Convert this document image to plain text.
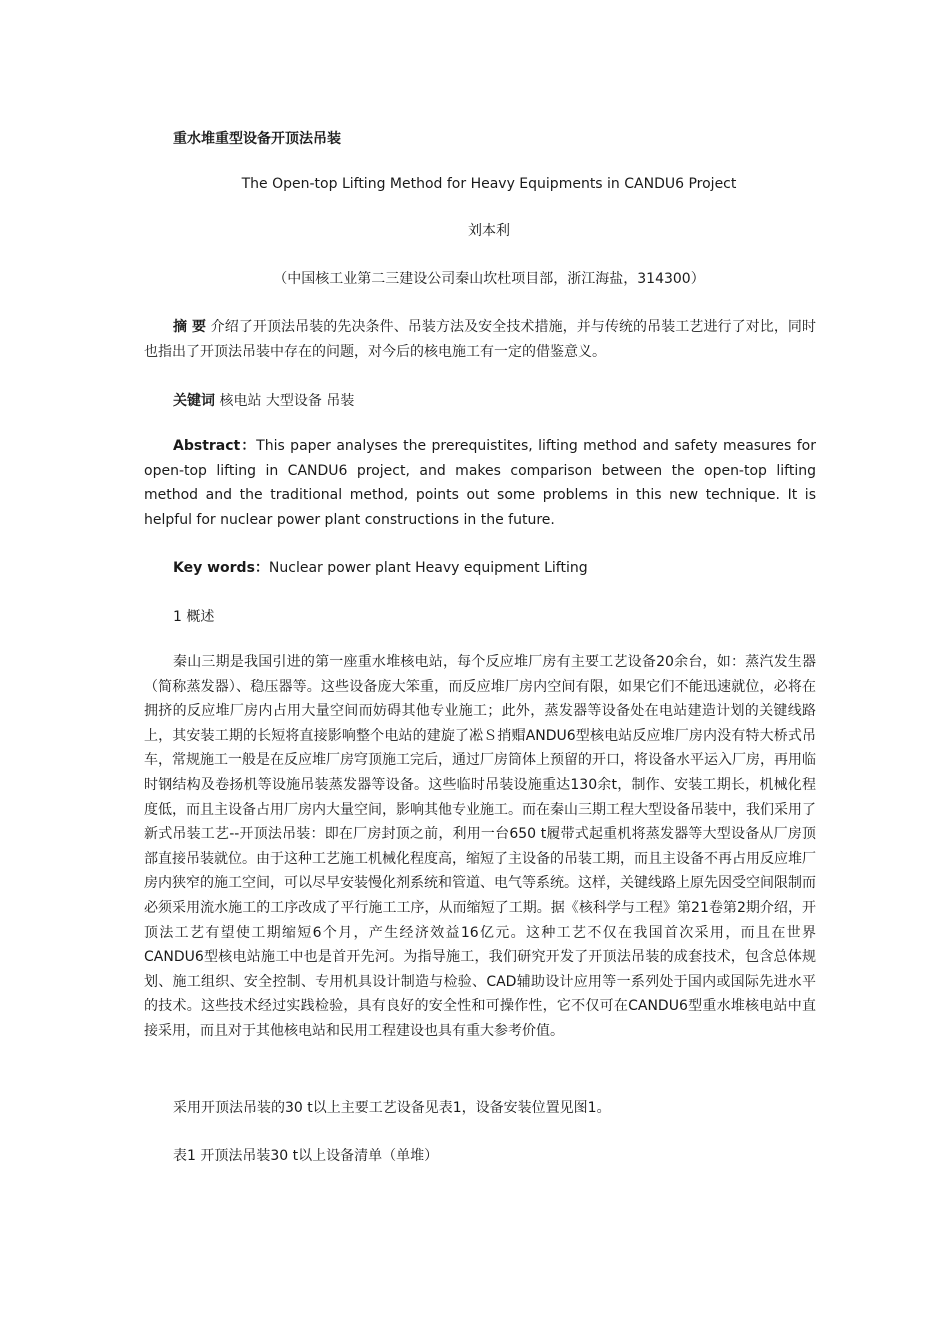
重水堆重型设备开顶法吊装

The Open-top Lifting Method for Heavy Equipments in CANDU6 Project

刘本利

（中国核工业第二三建设公司秦山坎杜项目部，浙江海盐，314300）

摘 要 介绍了开顶法吊装的先决条件、吊装方法及安全技术措施，并与传统的吊装工艺进行了对比，同时也指出了开顶法吊装中存在的问题，对今后的核电施工有一定的借鉴意义。

关键词 核电站 大型设备 吊装

Abstract：This paper analyses the prerequistites, lifting method and safety measures for open-top lifting in CANDU6 project, and makes comparison between the open-top lifting method and the traditional method, points out some problems in this new technique. It is helpful for nuclear power plant constructions in the future.

Key words：Nuclear power plant Heavy equipment Lifting

1 概述

秦山三期是我国引进的第一座重水堆核电站，每个反应堆厂房有主要工艺设备20余台，如：蒸汽发生器（简称蒸发器）、稳压器等。这些设备庞大笨重，而反应堆厂房内空间有限，如果它们不能迅速就位，必将在拥挤的反应堆厂房内占用大量空间而妨碍其他专业施工；此外，蒸发器等设备处在电站建造计划的关键线路上，其安装工期的长短将直接影响整个电站的建旋了凇Ｓ捎赗ANDU6型核电站反应堆厂房内没有特大桥式吊车，常规施工一般是在反应堆厂房穹顶施工完后，通过厂房筒体上预留的开口，将设备水平运入厂房，再用临时钢结构及卷扬机等设施吊装蒸发器等设备。这些临时吊装设施重达130余t，制作、安装工期长，机械化程度低，而且主设备占用厂房内大量空间，影响其他专业施工。而在秦山三期工程大型设备吊装中，我们采用了新式吊装工艺--开顶法吊装：即在厂房封顶之前，利用一台650 t履带式起重机将蒸发器等大型设备从厂房顶部直接吊装就位。由于这种工艺施工机械化程度高，缩短了主设备的吊装工期，而且主设备不再占用反应堆厂房内狭窄的施工空间，可以尽早安装慢化剂系统和管道、电气等系统。这样，关键线路上原先因受空间限制而必须采用流水施工的工序改成了平行施工工序，从而缩短了工期。据《核科学与工程》第21卷第2期介绍，开顶法工艺有望使工期缩短6个月，产生经济效益16亿元。这种工艺不仅在我国首次采用，而且在世界CANDU6型核电站施工中也是首开先河。为指导施工，我们研究开发了开顶法吊装的成套技术，包含总体规划、施工组织、安全控制、专用机具设计制造与检验、CAD辅助设计应用等一系列处于国内或国际先进水平的技术。这些技术经过实践检验，具有良好的安全性和可操作性，它不仅可在CANDU6型重水堆核电站中直接采用，而且对于其他核电站和民用工程建设也具有重大参考价值。

采用开顶法吊装的30 t以上主要工艺设备见表1，设备安装位置见图1。

表1 开顶法吊装30 t以上设备清单（单堆）
